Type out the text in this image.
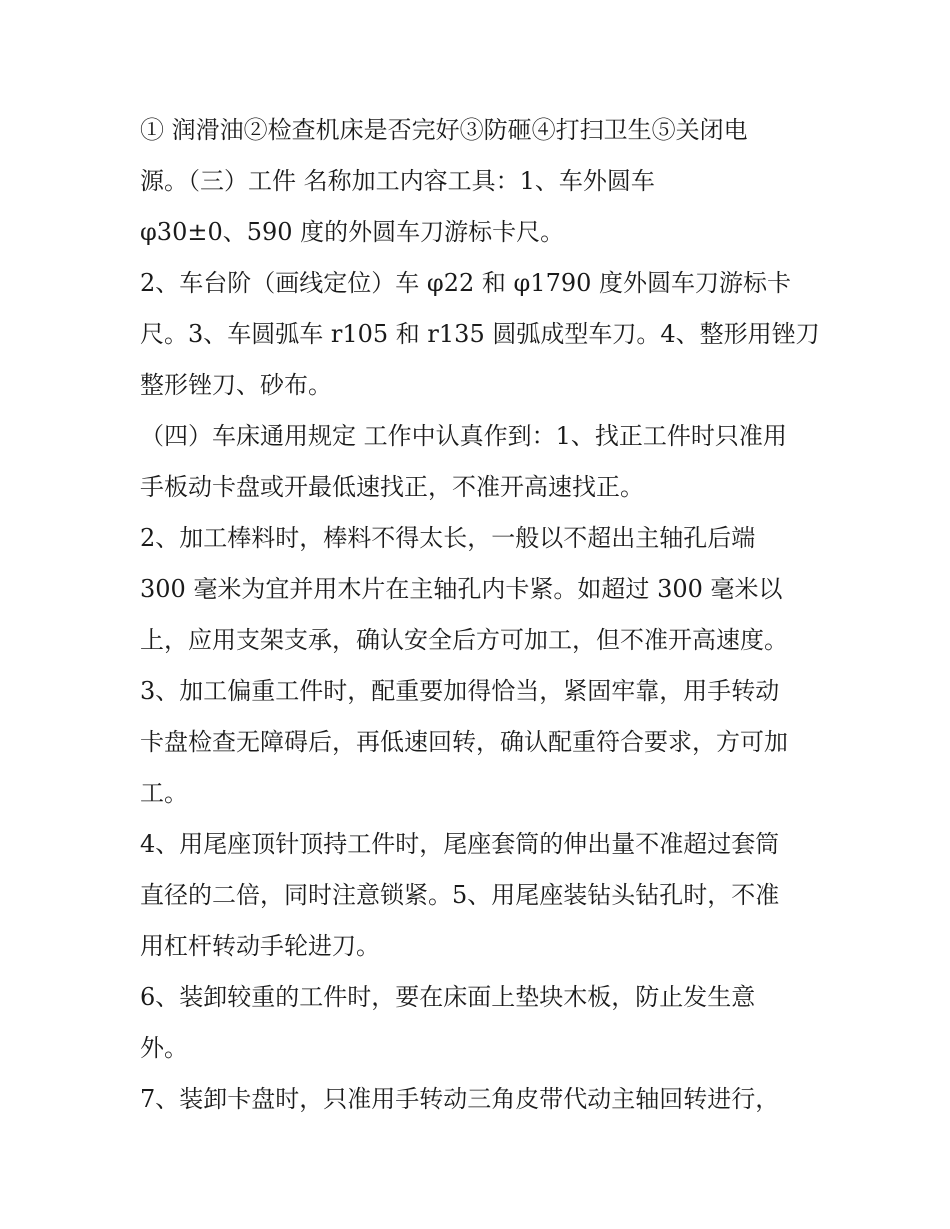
① 润滑油②检查机床是否完好③防砸④打扫卫生⑤关闭电
源。（三）工件 名称加工内容工具：1、车外圆车
φ30±0、590 度的外圆车刀游标卡尺。
2、车台阶（画线定位）车 φ22 和 φ1790 度外圆车刀游标卡
尺。3、车圆弧车 r105 和 r135 圆弧成型车刀。4、整形用锉刀
整形锉刀、砂布。
（四）车床通用规定 工作中认真作到：1、找正工件时只准用
手板动卡盘或开最低速找正，不准开高速找正。
2、加工棒料时，棒料不得太长，一般以不超出主轴孔后端
300 毫米为宜并用木片在主轴孔内卡紧。如超过 300 毫米以
上，应用支架支承，确认安全后方可加工，但不准开高速度。
3、加工偏重工件时，配重要加得恰当，紧固牢靠，用手转动
卡盘检查无障碍后，再低速回转，确认配重符合要求，方可加
工。
4、用尾座顶针顶持工件时，尾座套筒的伸出量不准超过套筒
直径的二倍，同时注意锁紧。5、用尾座装钻头钻孔时，不准
用杠杆转动手轮进刀。
6、装卸较重的工件时，要在床面上垫块木板，防止发生意
外。
7、装卸卡盘时，只准用手转动三角皮带代动主轴回转进行，
